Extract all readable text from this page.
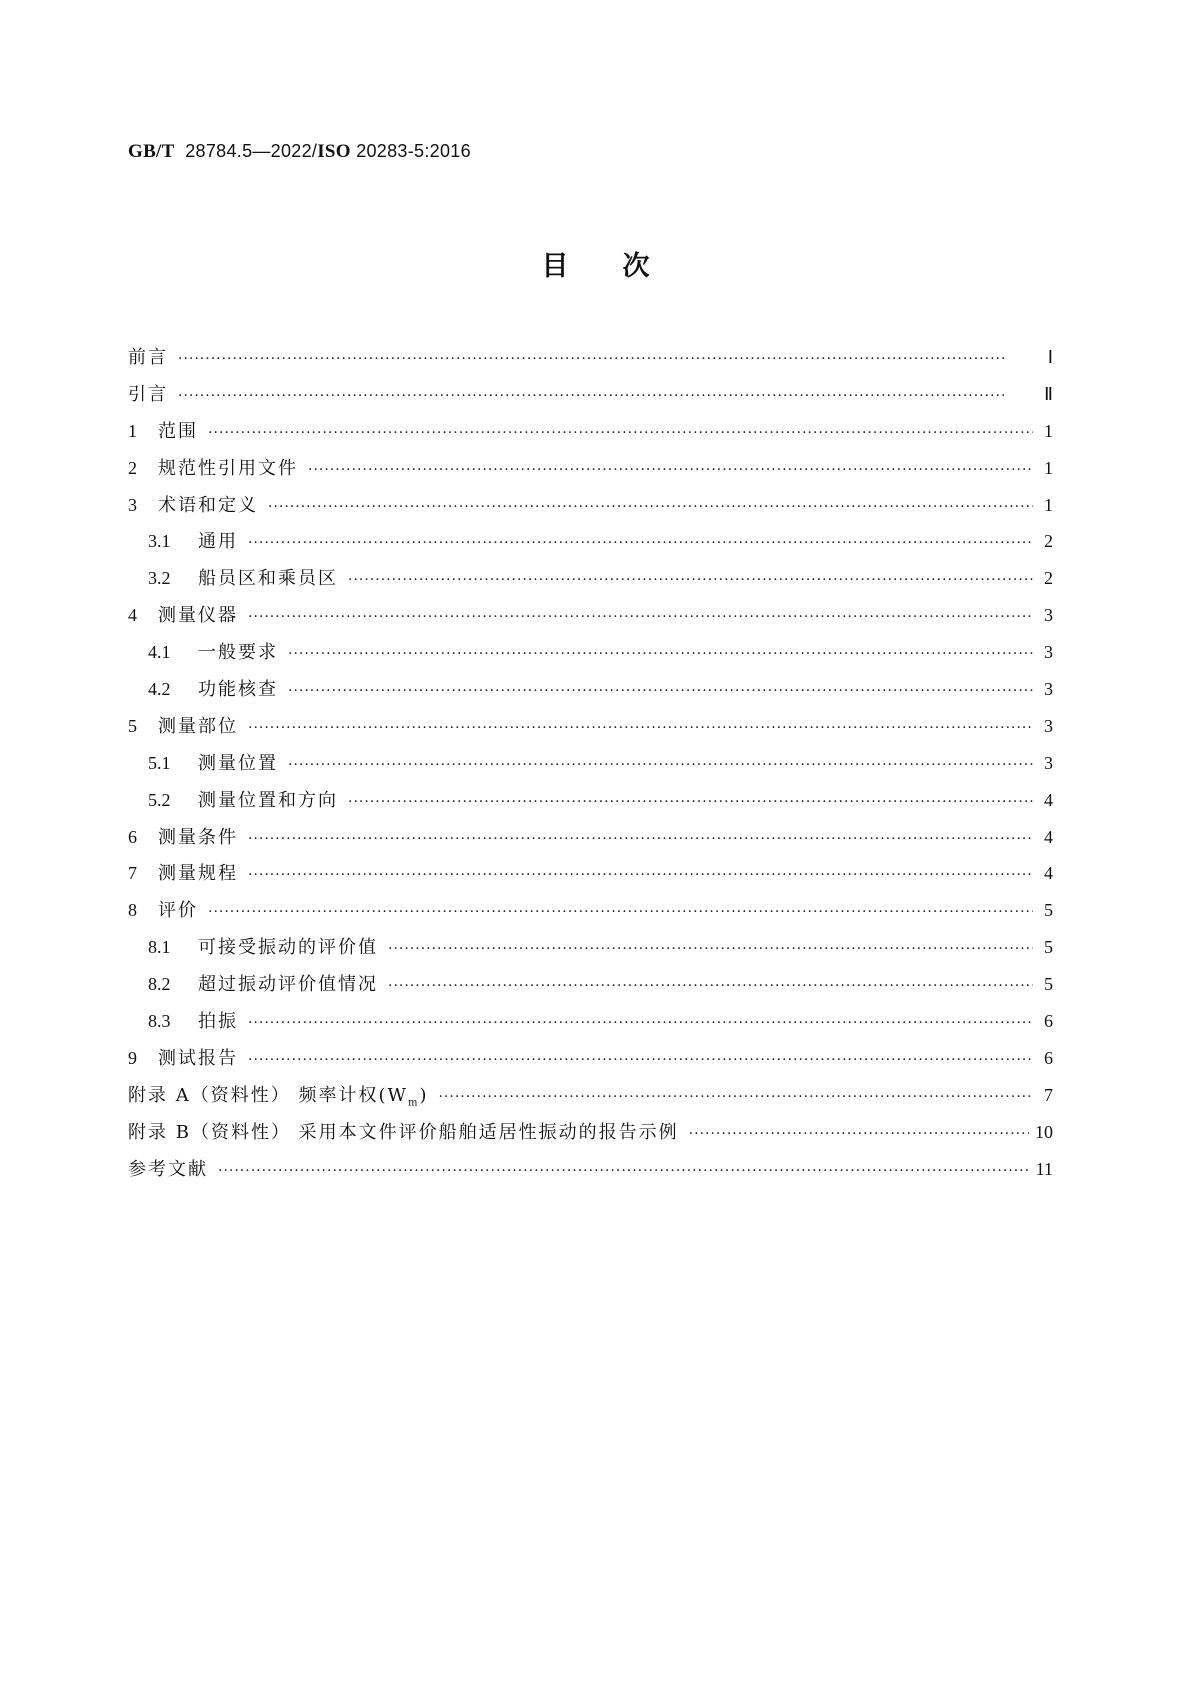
GB/T 28784.5—2022/ISO 20283-5:2016
目次
前言 ·····	Ⅰ
引言 ·····	Ⅱ
1	范围 ·····	1
2	规范性引用文件 ·····	1
3	术语和定义 ·····	1
3.1	通用 ·····	2
3.2	船员区和乘员区 ·····	2
4	测量仪器 ·····	3
4.1	一般要求 ·····	3
4.2	功能核查 ·····	3
5	测量部位 ·····	3
5.1	测量位置 ·····	3
5.2	测量位置和方向 ·····	4
6	测量条件 ·····	4
7	测量规程 ·····	4
8	评价 ·····	5
8.1	可接受振动的评价值 ·····	5
8.2	超过振动评价值情况 ·····	5
8.3	拍振 ·····	6
9	测试报告 ·····	6
附录 A（资料性） 频率计权$(W_m)$ ·····	7
附录 B（资料性） 采用本文件评价船舶适居性振动的报告示例 ·····	10
参考文献 ·····	11
